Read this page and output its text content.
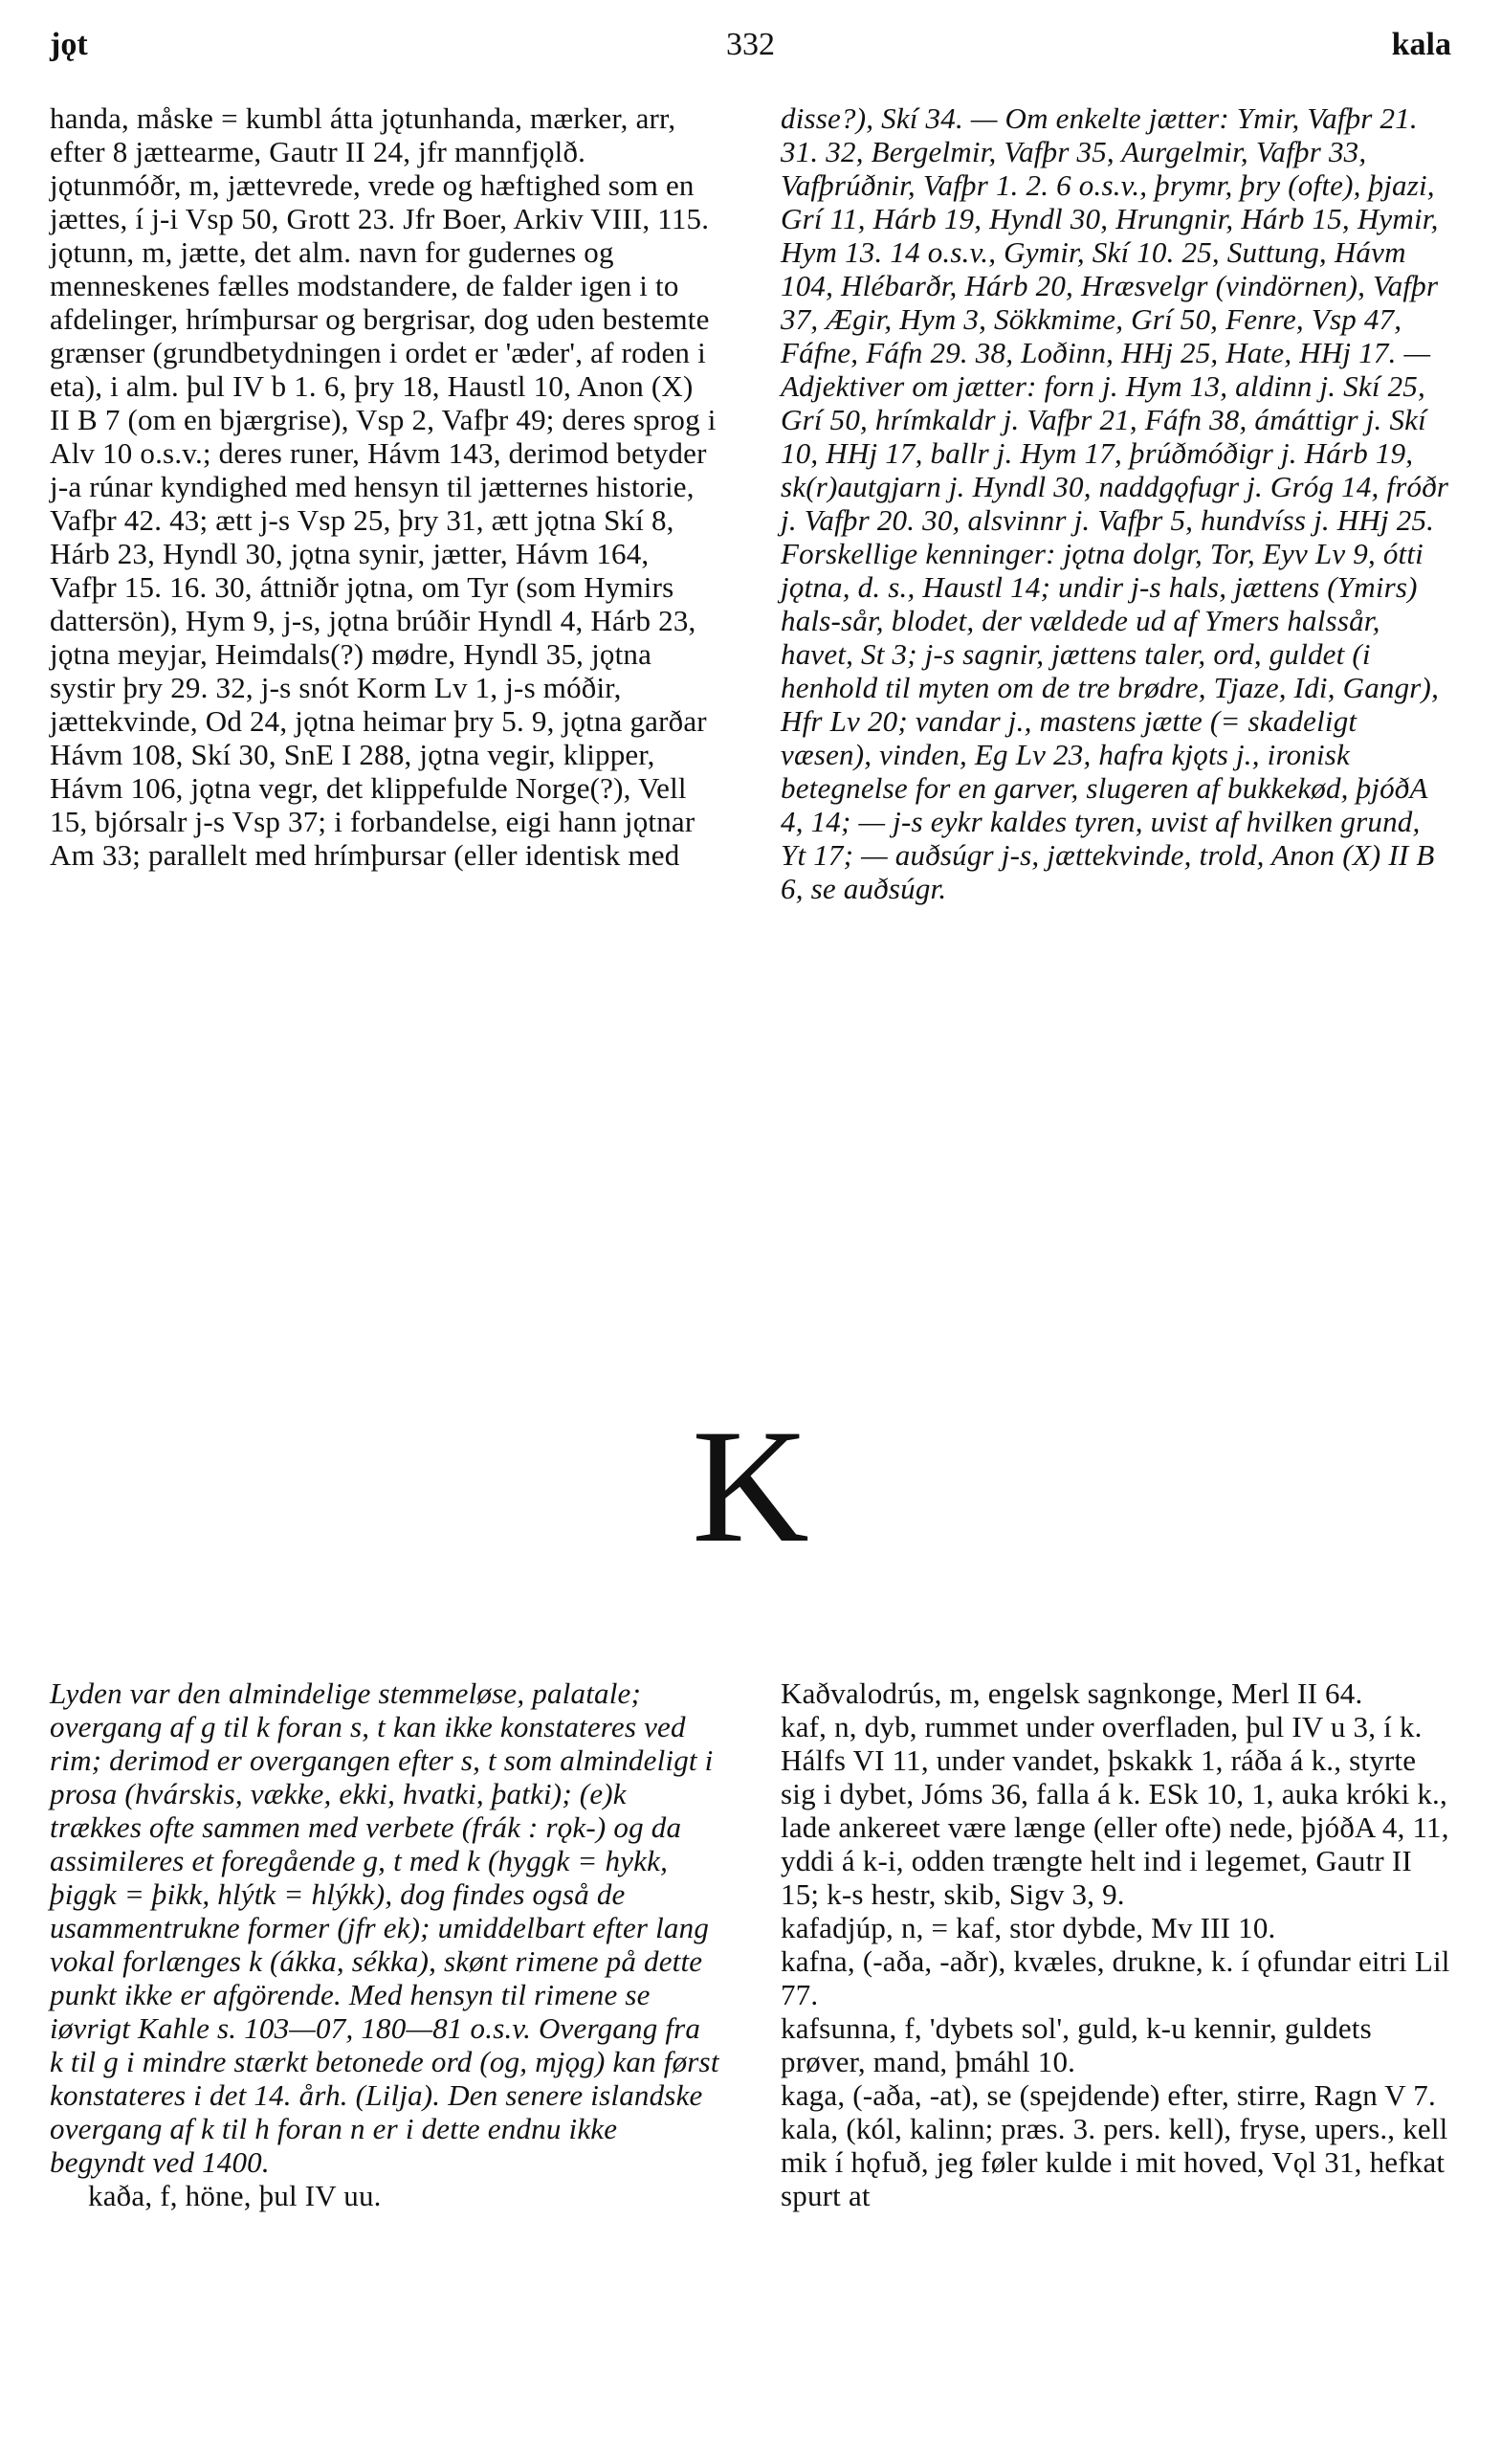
jǫt	332	kala

handa, måske = kumbl átta jǫtunhanda, mærker, arr, efter 8 jættearme, Gautr II 24, jfr mannfjǫlð.

jǫtunmóðr, m, jættevrede, vrede og hæftighed som en jættes, í j-i Vsp 50, Grott 23. Jfr Boer, Arkiv VIII, 115.

jǫtunn, m, jætte, det alm. navn for gudernes og menneskenes fælles modstandere, de falder igen i to afdelinger, hrímþursar og bergrisar, dog uden bestemte grænser (grundbetydningen i ordet er 'æder', af roden i eta), i alm. þul IV b 1. 6, þry 18, Haustl 10, Anon (X) II B 7 (om en bjærgrise), Vsp 2, Vafþr 49; deres sprog i Alv 10 o.s.v.; deres runer, Hávm 143, derimod betyder j-a rúnar kyndighed med hensyn til jætternes historie, Vafþr 42. 43; ætt j-s Vsp 25, þry 31, ætt jǫtna Skí 8, Hárb 23, Hyndl 30, jǫtna synir, jætter, Hávm 164, Vafþr 15. 16. 30, áttniðr jǫtna, om Tyr (som Hymirs dattersön), Hym 9, j-s, jǫtna brúðir Hyndl 4, Hárb 23, jǫtna meyjar, Heimdals(?) mødre, Hyndl 35, jǫtna systir þry 29. 32, j-s snót Korm Lv 1, j-s móðir, jættekvinde, Od 24, jǫtna heimar þry 5. 9, jǫtna garðar Hávm 108, Skí 30, SnE I 288, jǫtna vegir, klipper, Hávm 106, jǫtna vegr, det klippefulde Norge(?), Vell 15, bjórsalr j-s Vsp 37; i forbandelse, eigi hann jǫtnar Am 33; parallelt med hrímþursar (eller identisk med

disse?), Skí 34. — Om enkelte jætter: Ymir, Vafþr 21. 31. 32, Bergelmir, Vafþr 35, Aurgelmir, Vafþr 33, Vafþrúðnir, Vafþr 1. 2. 6 o.s.v., þrymr, þry (ofte), þjazi, Grí 11, Hárb 19, Hyndl 30, Hrungnir, Hárb 15, Hymir, Hym 13. 14 o.s.v., Gymir, Skí 10. 25, Suttung, Hávm 104, Hlébarðr, Hárb 20, Hræsvelgr (vindörnen), Vafþr 37, Ægir, Hym 3, Sökkmime, Grí 50, Fenre, Vsp 47, Fáfne, Fáfn 29. 38, Loðinn, HHj 25, Hate, HHj 17. — Adjektiver om jætter: forn j. Hym 13, aldinn j. Skí 25, Grí 50, hrímkaldr j. Vafþr 21, Fáfn 38, ámáttigr j. Skí 10, HHj 17, ballr j. Hym 17, þrúðmóðigr j. Hárb 19, sk(r)autgjarn j. Hyndl 30, naddgǫfugr j. Gróg 14, fróðr j. Vafþr 20. 30, alsvinnr j. Vafþr 5, hundvíss j. HHj 25. Forskellige kenninger: jǫtna dolgr, Tor, Eyv Lv 9, ótti jǫtna, d. s., Haustl 14; undir j-s hals, jættens (Ymirs) hals-sår, blodet, der vældede ud af Ymers halssår, havet, St 3; j-s sagnir, jættens taler, ord, guldet (i henhold til myten om de tre brødre, Tjaze, Idi, Gangr), Hfr Lv 20; vandar j., mastens jætte (= skadeligt væsen), vinden, Eg Lv 23, hafra kjǫts j., ironisk betegnelse for en garver, slugeren af bukkekød, þjóðA 4, 14; — j-s eykr kaldes tyren, uvist af hvilken grund, Yt 17; — auðsúgr j-s, jættekvinde, trold, Anon (X) II B 6, se auðsúgr.

K

Lyden var den almindelige stemmeløse, palatale; overgang af g til k foran s, t kan ikke konstateres ved rim; derimod er overgangen efter s, t som almindeligt i prosa (hvárskis, vække, ekki, hvatki, þatki); (e)k trækkes ofte sammen med verbete (frák : rǫk-) og da assimileres et foregående g, t med k (hyggk = hykk, þiggk = þikk, hlýtk = hlýkk), dog findes også de usammentrukne former (jfr ek); umiddelbart efter lang vokal forlænges k (ákka, sékka), skønt rimene på dette punkt ikke er afgörende. Med hensyn til rimene se iøvrigt Kahle s. 103—07, 180—81 o.s.v. Overgang fra k til g i mindre stærkt betonede ord (og, mjǫg) kan først konstateres i det 14. årh. (Lilja). Den senere islandske overgang af k til h foran n er i dette endnu ikke begyndt ved 1400.

kaða, f, höne, þul IV uu.

Kaðvalodrús, m, engelsk sagnkonge, Merl II 64.

kaf, n, dyb, rummet under overfladen, þul IV u 3, í k. Hálfs VI 11, under vandet, þskakk 1, ráða á k., styrte sig i dybet, Jóms 36, falla á k. ESk 10, 1, auka króki k., lade ankereet være længe (eller ofte) nede, þjóðA 4, 11, yddi á k-i, odden trængte helt ind i legemet, Gautr II 15; k-s hestr, skib, Sigv 3, 9.

kafadjúp, n, = kaf, stor dybde, Mv III 10.

kafna, (-aða, -aðr), kvæles, drukne, k. í ǫfundar eitri Lil 77.

kafsunna, f, 'dybets sol', guld, k-u kennir, guldets prøver, mand, þmáhl 10.

kaga, (-aða, -at), se (spejdende) efter, stirre, Ragn V 7.

kala, (kól, kalinn; præs. 3. pers. kell), fryse, upers., kell mik í hǫfuð, jeg føler kulde i mit hoved, Vǫl 31, hefkat spurt at
